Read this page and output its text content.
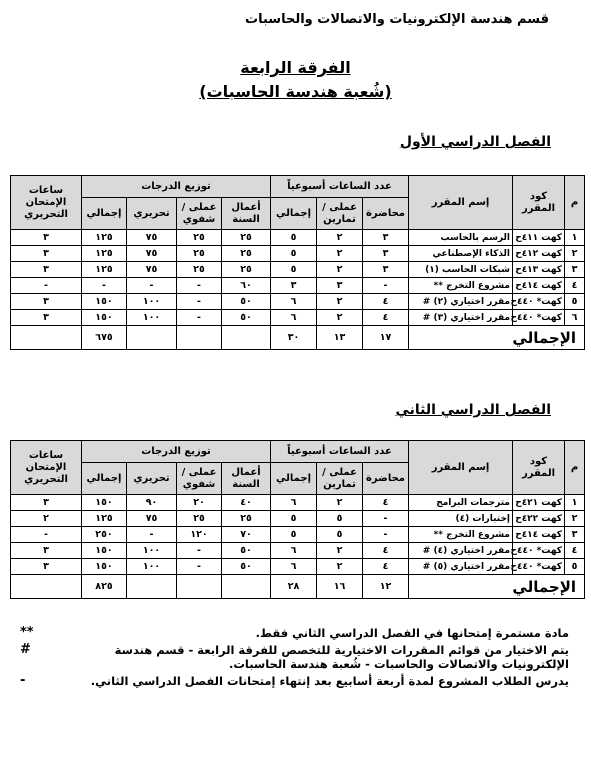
قسم هندسة الإلكترونيات والاتصالات والحاسبات
الفرقة الرابعة
(شُعبة هندسة الحاسبات)
الفصل الدراسي الأول
الفصل الدراسي الثاني
م	كود المقرر	إسم المقرر	عدد الساعات أسبوعياً			توزيع الدرجات				ساعات الإمتحان التحريري
			محاضرة	عملى / تمارين	إجمالي	أعمال السنة	عملى / شفوي	تحريري	إجمالي	
١	كهت ٤١١ح	الرسم بالحاسب	٣	٢	٥	٢٥	٢٥	٧٥	١٢٥	٣
٢	كهت ٤١٢ح	الذكاء الإصطناعي	٣	٢	٥	٢٥	٢٥	٧٥	١٢٥	٣
٣	كهت ٤١٣ح	شبكات الحاسب (١)	٣	٢	٥	٢٥	٢٥	٧٥	١٢٥	٣
٤	كهت ٤١٤ح	مشروع التخرج **	-	٣	٣	٦٠	-	-	-	-
٥	كهت* ٤٤٠ح	مقرر اختياري (٢) #	٤	٢	٦	٥٠	-	١٠٠	١٥٠	٣
٦	كهت* ٤٤٠ح	مقرر اختياري (٣) #	٤	٢	٦	٥٠	-	١٠٠	١٥٠	٣
الإجمالي			١٧	١٣	٣٠				٦٧٥	
م	كود المقرر	إسم المقرر	عدد الساعات أسبوعياً			توزيع الدرجات				ساعات الإمتحان التحريري
			محاضرة	عملى / تمارين	إجمالي	أعمال السنة	عملى / شفوي	تحريري	إجمالي	
١	كهت ٤٢١ح	مترجمات البرامج	٤	٢	٦	٤٠	٢٠	٩٠	١٥٠	٣
٢	كهت ٤٢٢ح	إختبارات (٤)	-	٥	٥	٢٥	٢٥	٧٥	١٢٥	٢
٣	كهت ٤١٤ح	مشروع التخرج **	-	٥	٥	٧٠	١٢٠	-	٢٥٠	-
٤	كهت* ٤٤٠ح	مقرر اختياري (٤) #	٤	٢	٦	٥٠	-	١٠٠	١٥٠	٣
٥	كهت* ٤٤٠ح	مقرر اختياري (٥) #	٤	٢	٦	٥٠	-	١٠٠	١٥٠	٣
الإجمالي			١٢	١٦	٢٨				٨٢٥	
مادة مستمرة إمتحانها في الفصل الدراسي الثاني فقط.
**
يتم الاختيار من قوائم المقررات الاختيارية للتخصص للفرقة الرابعة - قسم هندسة الإلكترونيات والاتصالات والحاسبات - شُعبة هندسة الحاسبات.
#
يدرس الطلاب المشروع لمدة أربعة أسابيع بعد إنتهاء إمتحانات الفصل الدراسي الثاني.
-
